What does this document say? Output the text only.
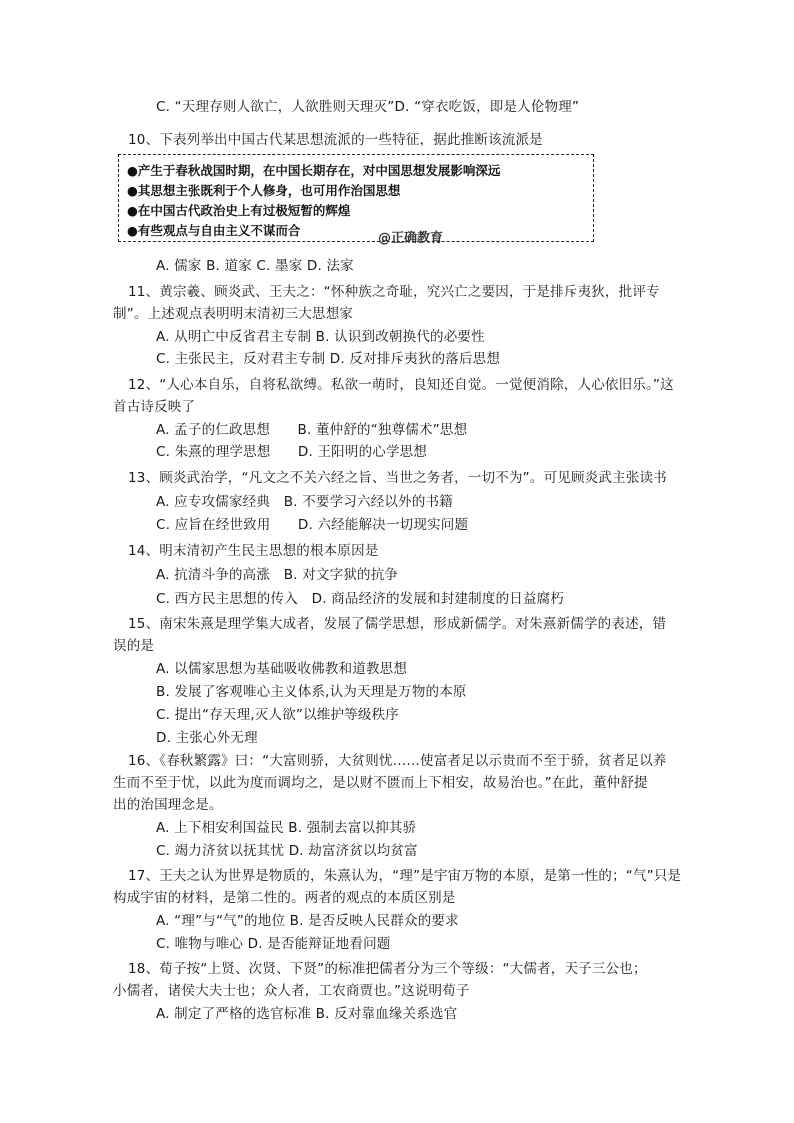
C. “天理存则人欲亡，人欲胜则天理灭”D. “穿衣吃饭，即是人伦物理”
10、下表列举出中国古代某思想流派的一些特征，据此推断该流派是
●产生于春秋战国时期，在中国长期存在，对中国思想发展影响深远
●其思想主张既利于个人修身，也可用作治国思想
●在中国古代政治史上有过极短暂的辉煌
●有些观点与自由主义不谋而合
@正确教育
A. 儒家 B. 道家 C. 墨家 D. 法家
11、黄宗羲、顾炎武、王夫之：“怀种族之奇耻，究兴亡之要因，于是排斥夷狄，批评专
制”。上述观点表明明末清初三大思想家
A. 从明亡中反省君主专制 B. 认识到改朝换代的必要性
C. 主张民主，反对君主专制 D. 反对排斥夷狄的落后思想
12、“人心本自乐，自将私欲缚。私欲一萌时，良知还自觉。一觉便消除，人心依旧乐。”这
首古诗反映了
A. 孟子的仁政思想　　B. 董仲舒的“独尊儒术”思想
C. 朱熹的理学思想　　D. 王阳明的心学思想
13、顾炎武治学，“凡文之不关六经之旨、当世之务者，一切不为”。可见顾炎武主张读书
A. 应专攻儒家经典　B. 不要学习六经以外的书籍
C. 应旨在经世致用　　D. 六经能解决一切现实问题
14、明末清初产生民主思想的根本原因是
A. 抗清斗争的高涨　B. 对文字狱的抗争
C. 西方民主思想的传入　D. 商品经济的发展和封建制度的日益腐朽
15、南宋朱熹是理学集大成者，发展了儒学思想，形成新儒学。对朱熹新儒学的表述，错
误的是
A. 以儒家思想为基础吸收佛教和道教思想
B. 发展了客观唯心主义体系,认为天理是万物的本原
C. 提出“存天理,灭人欲”以维护等级秩序
D. 主张心外无理
16、《春秋繁露》曰：“大富则骄，大贫则忧……使富者足以示贵而不至于骄，贫者足以养
生而不至于忧，以此为度而调均之，是以财不匮而上下相安，故易治也。”在此，董仲舒提
出的治国理念是。
A. 上下相安利国益民 B. 强制去富以抑其骄
C. 竭力济贫以抚其忧 D. 劫富济贫以均贫富
17、王夫之认为世界是物质的，朱熹认为，“理”是宇宙万物的本原，是第一性的；“气”只是
构成宇宙的材料，是第二性的。两者的观点的本质区别是
A. “理”与“气”的地位 B. 是否反映人民群众的要求
C. 唯物与唯心 D. 是否能辩证地看问题
18、荀子按“上贤、次贤、下贤”的标准把儒者分为三个等级：“大儒者，天子三公也；
小儒者，诸侯大夫士也；众人者，工农商贾也。”这说明荀子
A. 制定了严格的选官标准 B. 反对靠血缘关系选官
